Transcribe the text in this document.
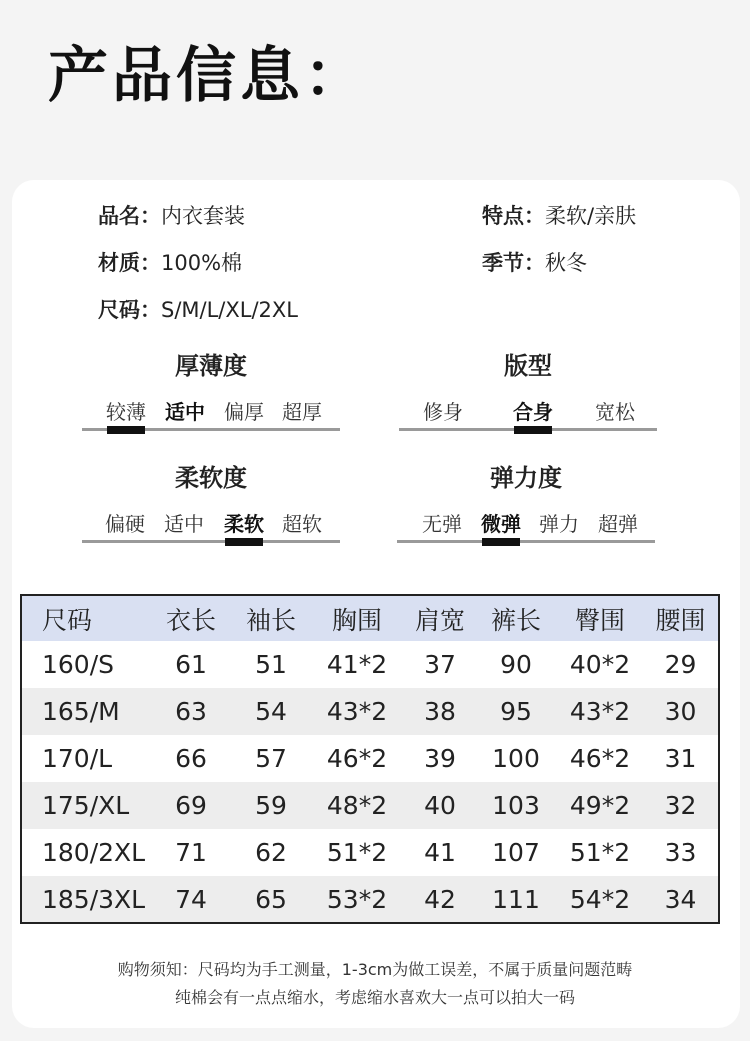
产品信息：
品名：内衣套装	特点：柔软/亲肤
材质：100%棉	季节：秋冬
尺码：S/M/L/XL/2XL
厚薄度
较薄 适中 偏厚 超厚
版型
修身	合身 宽松
柔软度
偏硬 适中 柔软 超软
弹力度
无弹 微弹 弹力 超弹
尺码	衣长	袖长	胸围	肩宽	裤长	臀围	腰围
160/S	61	51	41*2	37	90	40*2	29
165/M	63	54	43*2	38	95	43*2	30
170/L	66	57	46*2	39	100	46*2	31
175/XL	69	59	48*2	40	103	49*2	32
180/2XL	71	62	51*2	41	107	51*2	33
185/3XL	74	65	53*2	42	111	54*2	34
购物须知：尺码均为手工测量，1-3cm为做工误差，不属于质量问题范畴
纯棉会有一点点缩水，考虑缩水喜欢大一点可以拍大一码
